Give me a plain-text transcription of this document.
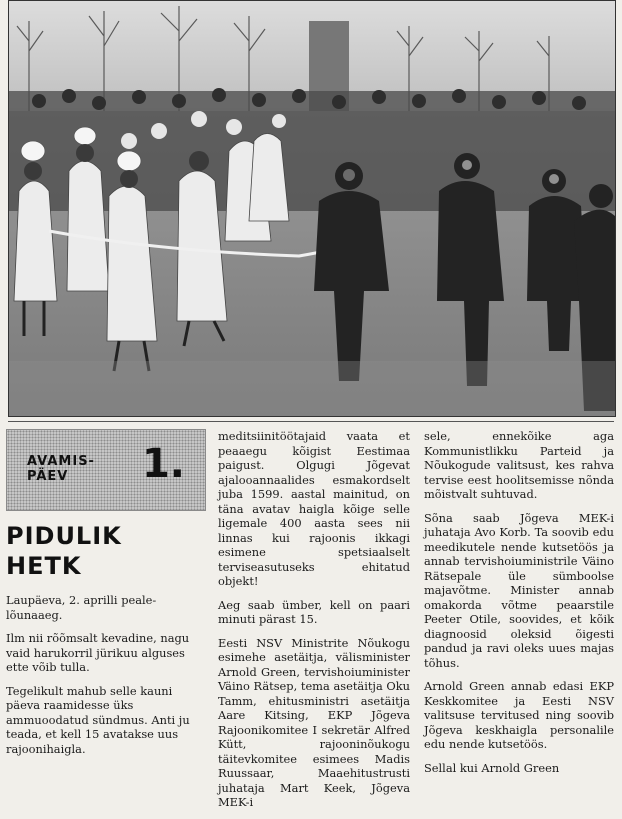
AVAMIS-
PÄEV	1.
PIDULIK
HETK

Laupäeva, 2. aprilli peale-lõunaaeg.

Ilm nii rõõmsalt kevadine, nagu vaid harukorril jürikuu alguses ette võib tulla.

Tegelikult mahub selle kauni päeva raamidesse üks ammuoodatud sündmus. Anti ju teada, et kell 15 avatakse uus rajoonihaigla.

meditsiinitöötajaid vaata et peaaegu kõigist Eestimaa paigust. Olgugi Jõgevat ajalooannaalides esmakordselt juba 1599. aastal mainitud, on täna avatav haigla kõige selle ligemale 400 aasta sees nii linnas kui rajoonis ikkagi esimene spetsiaalselt terviseasutuseks ehitatud objekt!

Aeg saab ümber, kell on paari minuti pärast 15.

Eesti NSV Ministrite Nõukogu esimehe asetäitja, välisminister Arnold Green, tervishoiuminister Väino Rätsep, tema asetäitja Oku Tamm, ehitusministri asetäitja Aare Kitsing, EKP Jõgeva Rajoonikomitee I sekretär Alfred Kütt, rajooninõukogu täitevkomitee esimees Madis Ruussaar, Maaehitustrusti juhataja Mart Keek, Jõgeva MEK-i

sele, ennekõike aga Kommunistlikku Parteid ja Nõukogude valitsust, kes rahva tervise eest hoolitsemisse nõnda mõistvalt suhtuvad.

Sõna saab Jõgeva MEK-i juhataja Avo Korb. Ta soovib edu meedikutele nende kutsetöös ja annab tervishoiuministrile Väino Rätsepale üle sümboolse majavõtme. Minister annab omakorda võtme peaarstile Peeter Otile, soovides, et kõik diagnoosid oleksid õigesti pandud ja ravi oleks uues majas tõhus.

Arnold Green annab edasi EKP Keskkomitee ja Eesti NSV valitsuse tervitused ning soovib Jõgeva keskhaigla personalile edu nende kutsetöös.

Sellal kui Arnold Green
